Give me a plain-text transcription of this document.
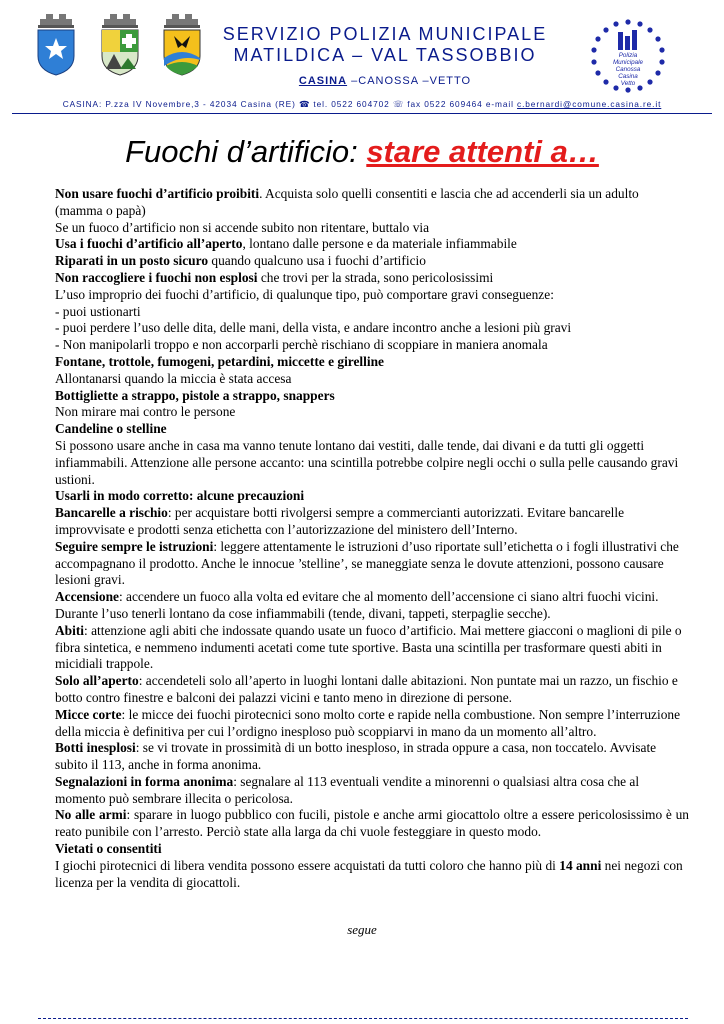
SERVIZIO POLIZIA MUNICIPALE
MATILDICA – VAL TASSOBBIO
CASINA –CANOSSA –VETTO
Polizia
Municipale
Canossa
Casina
Vetto
CASINA: P.zza IV Novembre,3 - 42034 Casina (RE) ☎ tel. 0522 604702 ☏ fax 0522 609464 e-mail c.bernardi@comune.casina.re.it
Fuochi d’artificio: stare attenti a…

Non usare fuochi d’artificio proibiti. Acquista solo quelli consentiti e lascia che ad accenderli sia un adulto (mamma o papà)

Se un fuoco d’artificio non si accende subito non ritentare, buttalo via

Usa i fuochi d’artificio all’aperto, lontano dalle persone e da materiale infiammabile

Riparati in un posto sicuro quando qualcuno usa i fuochi d’artificio

Non raccogliere i fuochi non esplosi che trovi per la strada, sono pericolosissimi

L’uso improprio dei fuochi d’artificio, di qualunque tipo, può comportare gravi conseguenze:

- puoi ustionarti

- puoi perdere l’uso delle dita, delle mani, della vista, e andare incontro anche a lesioni più gravi

- Non manipolarli troppo e non accorparli perchè rischiano di scoppiare in maniera anomala

Fontane, trottole, fumogeni, petardini, miccette e girelline

Allontanarsi quando la miccia è stata accesa

Bottigliette a strappo, pistole a strappo, snappers

Non mirare mai contro le persone

Candeline o stelline

Si possono usare anche in casa ma vanno tenute lontano dai vestiti, dalle tende, dai divani e da tutti gli oggetti infiammabili. Attenzione alle persone accanto: una scintilla potrebbe colpire negli occhi o sulla pelle causando gravi ustioni.

Usarli in modo corretto: alcune precauzioni

Bancarelle a rischio: per acquistare botti rivolgersi sempre a commercianti autorizzati. Evitare bancarelle improvvisate e prodotti senza etichetta con l’autorizzazione del ministero dell’Interno.

Seguire sempre le istruzioni: leggere attentamente le istruzioni d’uso riportate sull’etichetta o i fogli illustrativi che accompagnano il prodotto. Anche le innocue ’stelline’, se maneggiate senza le dovute attenzioni, possono causare lesioni gravi.

Accensione: accendere un fuoco alla volta ed evitare che al momento dell’accensione ci siano altri fuochi vicini. Durante l’uso tenerli lontano da cose infiammabili (tende, divani, tappeti, sterpaglie secche).

Abiti: attenzione agli abiti che indossate quando usate un fuoco d’artificio. Mai mettere giacconi o maglioni di pile o fibra sintetica, e nemmeno indumenti acetati come tute sportive. Basta una scintilla per trasformare questi abiti in micidiali trappole.

Solo all’aperto: accendeteli solo all’aperto in luoghi lontani dalle abitazioni. Non puntate mai un razzo, un fischio e botto contro finestre e balconi dei palazzi vicini e tanto meno in direzione di persone.

Micce corte: le micce dei fuochi pirotecnici sono molto corte e rapide nella combustione. Non sempre l’interruzione della miccia è definitiva per cui l’ordigno inesploso può scoppiarvi in mano da un momento all’altro.

Botti inesplosi: se vi trovate in prossimità di un botto inesploso, in strada oppure a casa, non toccatelo. Avvisate subito il 113, anche in forma anonima.

Segnalazioni in forma anonima: segnalare al 113 eventuali vendite a minorenni o qualsiasi altra cosa che al momento può sembrare illecita o pericolosa.

No alle armi: sparare in luogo pubblico con fucili, pistole e anche armi giocattolo oltre a essere pericolosissimo è un reato punibile con l’arresto. Perciò state alla larga da chi vuole festeggiare in questo modo.

Vietati o consentiti

I giochi pirotecnici di libera vendita possono essere acquistati da tutti coloro che hanno più di 14 anni nei negozi con licenza per la vendita di giocattoli.

segue
